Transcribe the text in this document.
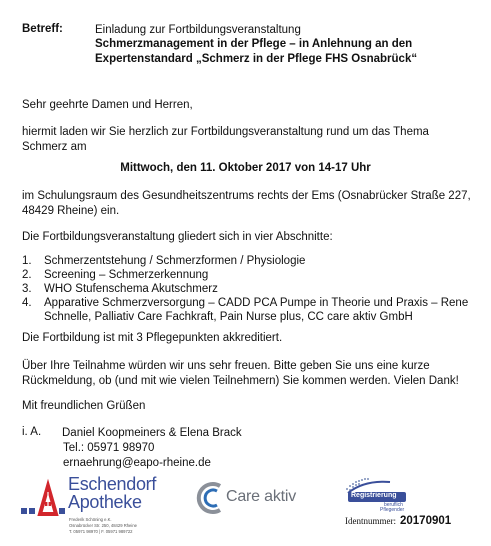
Betreff:	Einladung zur Fortbildungsveranstaltung
Schmerzmanagement in der Pflege – in Anlehnung an den
Expertenstandard „Schmerz in der Pflege FHS Osnabrück“
Sehr geehrte Damen und Herren,
hiermit laden wir Sie herzlich zur Fortbildungsveranstaltung rund um das Thema Schmerz am
Mittwoch, den 11. Oktober 2017 von 14-17 Uhr
im Schulungsraum des Gesundheitszentrums rechts der Ems (Osnabrücker Straße 227, 48429 Rheine) ein.
Die Fortbildungsveranstaltung gliedert sich in vier Abschnitte:
1. Schmerzentstehung / Schmerzformen / Physiologie
2. Screening – Schmerzerkennung
3. WHO Stufenschema Akutschmerz
4. Apparative Schmerzversorgung – CADD PCA Pumpe in Theorie und Praxis – Rene Schnelle, Palliativ Care Fachkraft, Pain Nurse plus, CC care aktiv GmbH
Die Fortbildung ist mit 3 Pflegepunkten akkreditiert.
Über Ihre Teilnahme würden wir uns sehr freuen. Bitte geben Sie uns eine kurze Rückmeldung, ob (und mit wie vielen Teilnehmern) Sie kommen werden. Vielen Dank!
Mit freundlichen Grüßen
i. A. Daniel Koopmeiners & Elena Brack
Tel.: 05971 98970
ernaehrung@eapo-rheine.de
Eschendorf
Apotheke
Frederik Schöning e.K.
Osnabrücker Str. 250, 48429 Rheine
T. 05971 98970 | F. 05971 989722
Care aktiv	Registrierung
beruflich
Pflegender
Identnummer: 20170901
